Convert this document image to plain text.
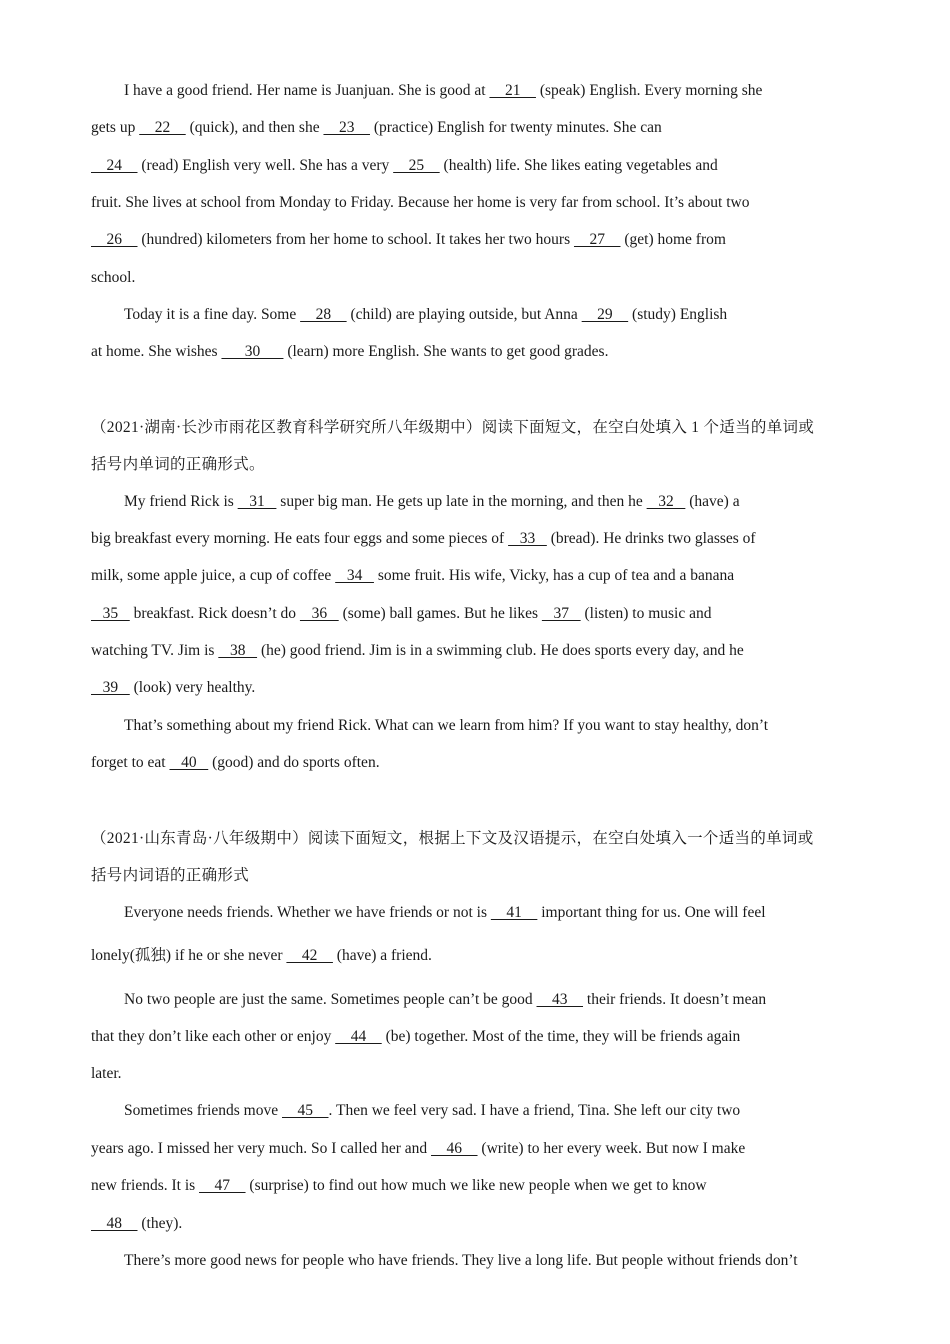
I have a good friend. Her name is Juanjuan. She is good at     21     (speak) English. Every morning she
gets up     22     (quick), and then she     23     (practice) English for twenty minutes. She can
24     (read) English very well. She has a very     25     (health) life. She likes eating vegetables and
fruit. She lives at school from Monday to Friday. Because her home is very far from school. It’s about two
26     (hundred) kilometers from her home to school. It takes her two hours     27     (get) home from
school.
Today it is a fine day. Some     28     (child) are playing outside, but Anna     29     (study) English
at home. She wishes       30       (learn) more English. She wants to get good grades.
（2021·湖南·长沙市雨花区教育科学研究所八年级期中）阅读下面短文，在空白处填入 1 个适当的单词或
括号内单词的正确形式。
My friend Rick is    31    super big man. He gets up late in the morning, and then he    32    (have) a
big breakfast every morning. He eats four eggs and some pieces of    33    (bread). He drinks two glasses of
milk, some apple juice, a cup of coffee    34    some fruit. His wife, Vicky, has a cup of tea and a banana
35    breakfast. Rick doesn’t do    36    (some) ball games. But he likes    37    (listen) to music and
watching TV. Jim is    38    (he) good friend. Jim is in a swimming club. He does sports every day, and he
39    (look) very healthy.
That’s something about my friend Rick. What can we learn from him? If you want to stay healthy, don’t
forget to eat    40    (good) and do sports often.
（2021·山东青岛·八年级期中）阅读下面短文，根据上下文及汉语提示，在空白处填入一个适当的单词或
括号内词语的正确形式
Everyone needs friends. Whether we have friends or not is     41     important thing for us. One will feel
lonely(孤独) if he or she never     42     (have) a friend.
No two people are just the same. Sometimes people can’t be good     43     their friends. It doesn’t mean
that they don’t like each other or enjoy     44     (be) together. Most of the time, they will be friends again
later.
Sometimes friends move     45    . Then we feel very sad. I have a friend, Tina. She left our city two
years ago. I missed her very much. So I called her and     46     (write) to her every week. But now I make
new friends. It is     47     (surprise) to find out how much we like new people when we get to know
48     (they).
There’s more good news for people who have friends. They live a long life. But people without friends don’t
